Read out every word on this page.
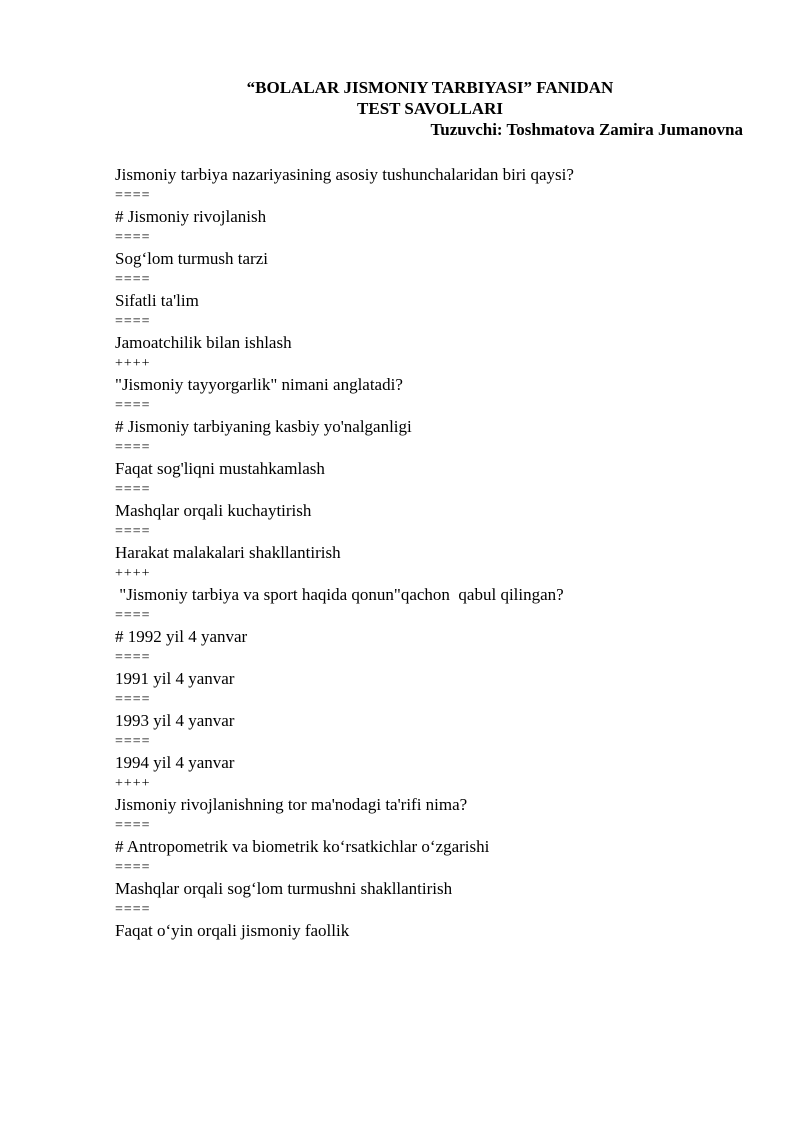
“BOLALAR JISMONIY TARBIYASI” FANIDAN
TEST SAVOLLARI
Tuzuvchi: Toshmatova Zamira Jumanovna
Jismoniy tarbiya nazariyasining asosiy tushunchalaridan biri qaysi?
====
# Jismoniy rivojlanish
====
Sog‘lom turmush tarzi
====
Sifatli ta'lim
====
Jamoatchilik bilan ishlash
++++
"Jismoniy tayyorgarlik" nimani anglatadi?
====
# Jismoniy tarbiyaning kasbiy yo'nalganligi
====
Faqat sog'liqni mustahkamlash
====
Mashqlar orqali kuchaytirish
====
Harakat malakalari shakllantirish
++++
"Jismoniy tarbiya va sport haqida qonun"qachon  qabul qilingan?
====
# 1992 yil 4 yanvar
====
1991 yil 4 yanvar
====
1993 yil 4 yanvar
====
1994 yil 4 yanvar
++++
Jismoniy rivojlanishning tor ma'nodagi ta'rifi nima?
====
# Antropometrik va biometrik ko‘rsatkichlar o‘zgarishi
====
Mashqlar orqali sog‘lom turmushni shakllantirish
====
Faqat o‘yin orqali jismoniy faollik
